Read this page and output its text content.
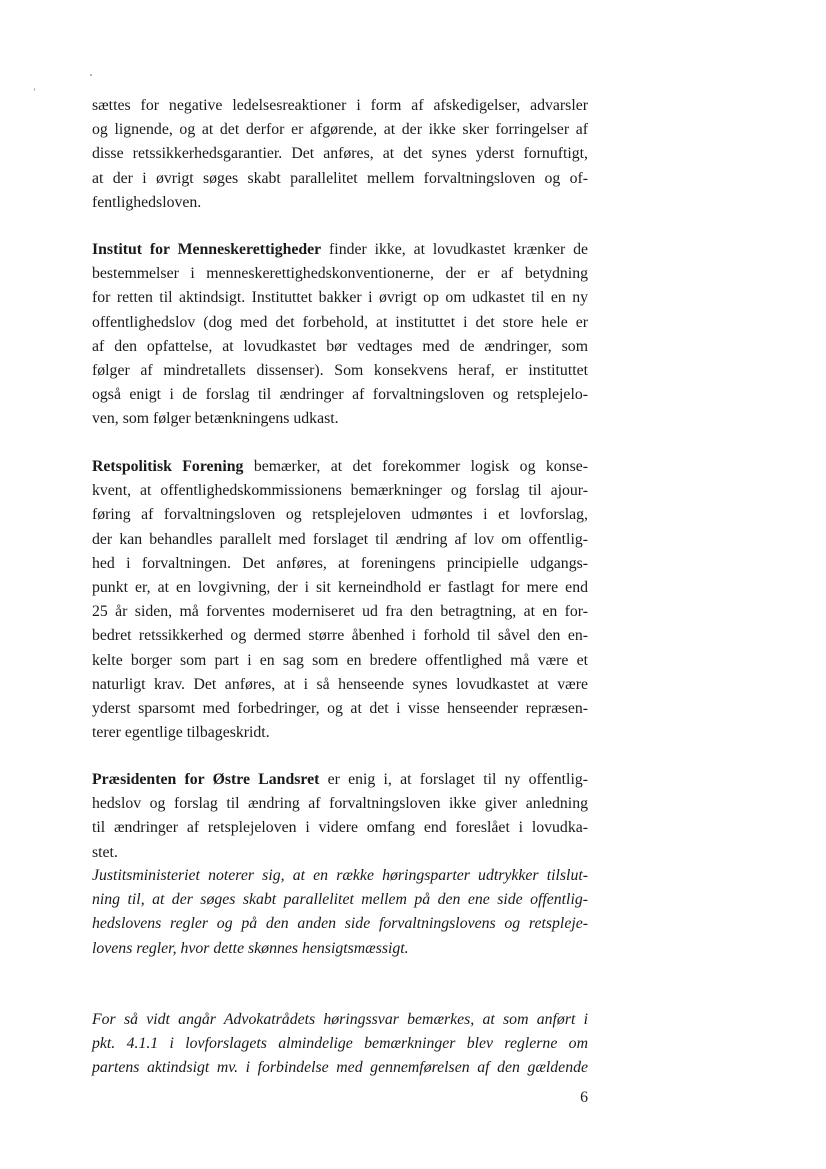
sættes for negative ledelsesreaktioner i form af afskedigelser, advarsler
og lignende, og at det derfor er afgørende, at der ikke sker forringelser af
disse retssikkerhedsgarantier. Det anføres, at det synes yderst fornuftigt,
at der i øvrigt søges skabt parallelitet mellem forvaltningsloven og of-
fentlighedsloven.

Institut for Menneskerettigheder finder ikke, at lovudkastet krænker de
bestemmelser i menneskerettighedskonventionerne, der er af betydning
for retten til aktindsigt. Instituttet bakker i øvrigt op om udkastet til en ny
offentlighedslov (dog med det forbehold, at instituttet i det store hele er
af den opfattelse, at lovudkastet bør vedtages med de ændringer, som
følger af mindretallets dissenser). Som konsekvens heraf, er instituttet
også enigt i de forslag til ændringer af forvaltningsloven og retsplejelo-
ven, som følger betænkningens udkast.

Retspolitisk Forening bemærker, at det forekommer logisk og konse-
kvent, at offentlighedskommissionens bemærkninger og forslag til ajour-
føring af forvaltningsloven og retsplejeloven udmøntes i et lovforslag,
der kan behandles parallelt med forslaget til ændring af lov om offentlig-
hed i forvaltningen. Det anføres, at foreningens principielle udgangs-
punkt er, at en lovgivning, der i sit kerneindhold er fastlagt for mere end
25 år siden, må forventes moderniseret ud fra den betragtning, at en for-
bedret retssikkerhed og dermed større åbenhed i forhold til såvel den en-
kelte borger som part i en sag som en bredere offentlighed må være et
naturligt krav. Det anføres, at i så henseende synes lovudkastet at være
yderst sparsomt med forbedringer, og at det i visse henseender repræsen-
terer egentlige tilbageskridt.

Præsidenten for Østre Landsret er enig i, at forslaget til ny offentlig-
hedslov og forslag til ændring af forvaltningsloven ikke giver anledning
til ændringer af retsplejeloven i videre omfang end foreslået i lovudka-
stet.

Justitsministeriet noterer sig, at en række høringsparter udtrykker tilslut-
ning til, at der søges skabt parallelitet mellem på den ene side offentlig-
hedslovens regler og på den anden side forvaltningslovens og retspleje-
lovens regler, hvor dette skønnes hensigtsmæssigt.

For så vidt angår Advokatrådets høringssvar bemærkes, at som anført i
pkt. 4.1.1 i lovforslagets almindelige bemærkninger blev reglerne om
partens aktindsigt mv. i forbindelse med gennemførelsen af den gældende

6
